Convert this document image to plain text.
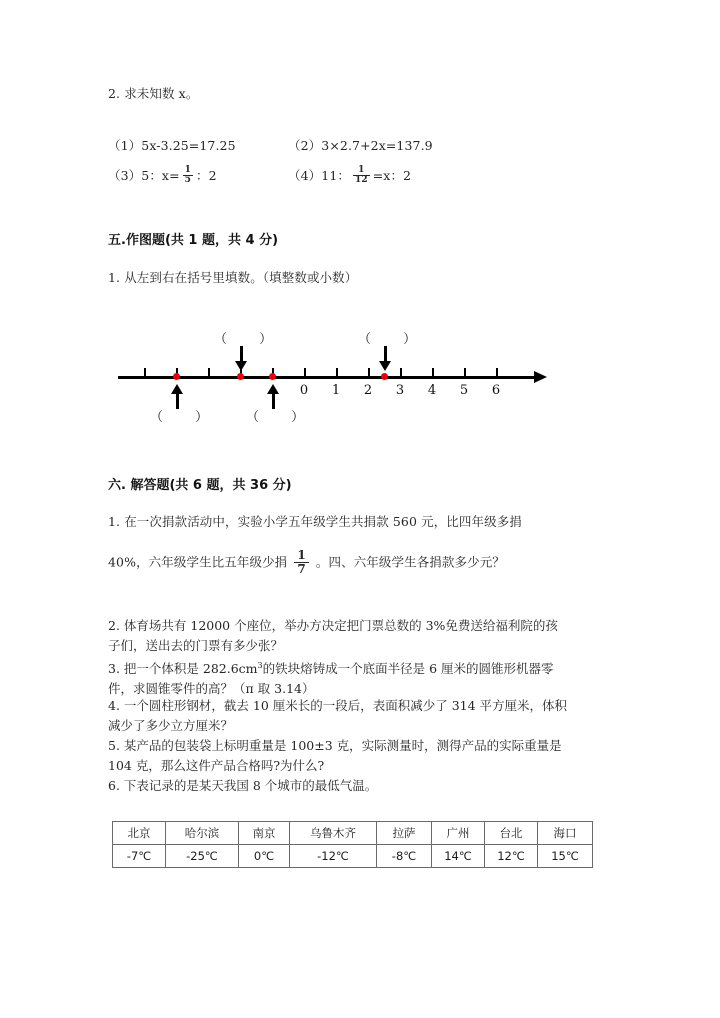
2. 求未知数 x。
（1）5x-3.25=17.25	（2）3×2.7+2x=137.9
（3）5：$x= \frac{1}{5}$ ：2	（4）11： $\frac{1}{12} =x$：2
五.作图题(共 1 题，共 4 分)
1. 从左到右在括号里填数。（填整数或小数）
0 1 2 3 4 5 6
（ ）	（ ）
（ ） （ ）
六. 解答题(共 6 题，共 36 分)
1. 在一次捐款活动中，实验小学五年级学生共捐款 560 元，比四年级多捐
40%，六年级学生比五年级少捐 $\frac{1}{7}$ 。四、六年级学生各捐款多少元？
2. 体育场共有 12000 个座位，举办方决定把门票总数的 3%免费送给福利院的孩子们，送出去的门票有多少张？
3. 把一个体积是 $282.6cm^3$的铁块熔铸成一个底面半径是 6 厘米的圆锥形机器零件，求圆锥零件的高？（π 取 3.14）
4. 一个圆柱形钢材，截去 10 厘米长的一段后，表面积减少了 314 平方厘米，体积减少了多少立方厘米？
5. 某产品的包装袋上标明重量是 100±3 克，实际测量时，测得产品的实际重量是 104 克，那么这件产品合格吗?为什么?
6. 下表记录的是某天我国 8 个城市的最低气温。
北京	哈尔滨	南京	乌鲁木齐	拉萨	广州	台北	海口
-7℃	-25℃	0℃	-12℃	-8℃	14℃	12℃	15℃
